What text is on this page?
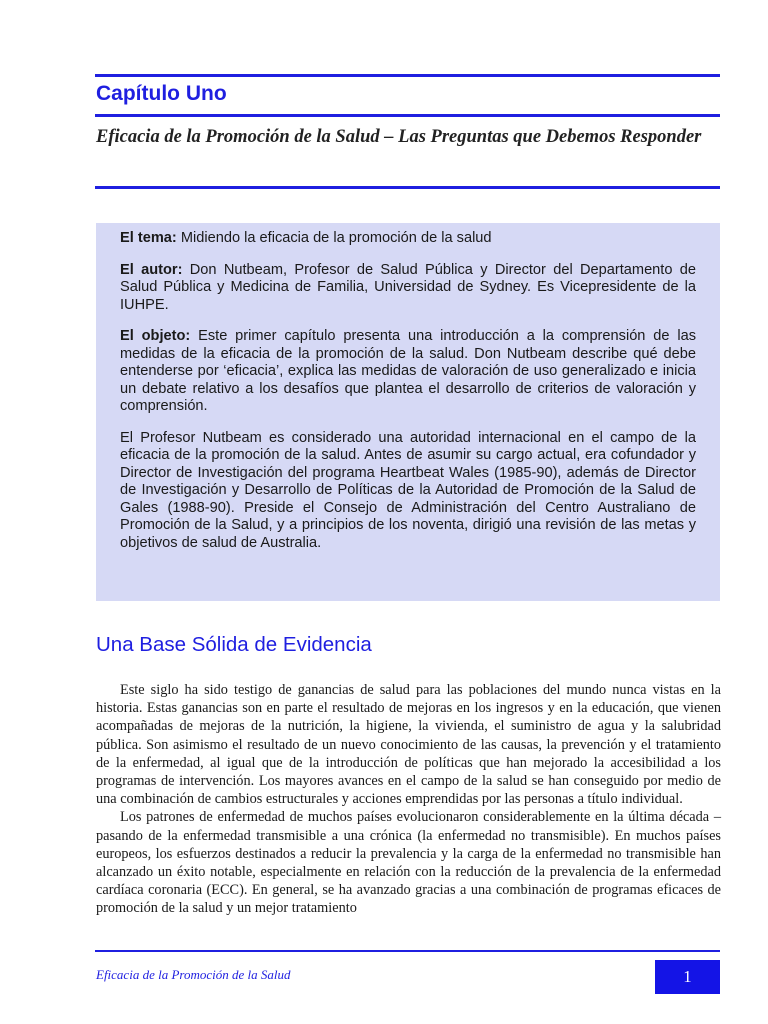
Capítulo Uno
Eficacia de la Promoción de la Salud – Las Preguntas que Debemos Responder

El tema: Midiendo la eficacia de la promoción de la salud

El autor: Don Nutbeam, Profesor de Salud Pública y Director del Departamento de Salud Pública y Medicina de Familia, Universidad de Sydney. Es Vicepresidente de la IUHPE.

El objeto: Este primer capítulo presenta una introducción a la comprensión de las medidas de la eficacia de la promoción de la salud. Don Nutbeam describe qué debe entenderse por ‘eficacia’, explica las medidas de valoración de uso generalizado e inicia un debate relativo a los desafíos que plantea el desarrollo de criterios de valoración y comprensión.

El Profesor Nutbeam es considerado una autoridad internacional en el campo de la eficacia de la promoción de la salud. Antes de asumir su cargo actual, era cofundador y Director de Investigación del programa Heartbeat Wales (1985-90), además de Director de Investigación y Desarrollo de Políticas de la Autoridad de Promoción de la Salud de Gales (1988-90). Preside el Consejo de Administración del Centro Australiano de Promoción de la Salud, y a principios de los noventa, dirigió una revisión de las metas y objetivos de salud de Australia.

Una Base Sólida de Evidencia

Este siglo ha sido testigo de ganancias de salud para las poblaciones del mundo nunca vistas en la historia. Estas ganancias son en parte el resultado de mejoras en los ingresos y en la educación, que vienen acompañadas de mejoras de la nutrición, la higiene, la vivienda, el suministro de agua y la salubridad pública. Son asimismo el resultado de un nuevo conocimiento de las causas, la prevención y el tratamiento de la enfermedad, al igual que de la introducción de políticas que han mejorado la accesibilidad a los programas de intervención. Los mayores avances en el campo de la salud se han conseguido por medio de una combinación de cambios estructurales y acciones emprendidas por las personas a título individual.

Los patrones de enfermedad de muchos países evolucionaron considerablemente en la última década – pasando de la enfermedad transmisible a una crónica (la enfermedad no transmisible). En muchos países europeos, los esfuerzos destinados a reducir la prevalencia y la carga de la enfermedad no transmisible han alcanzado un éxito notable, especialmente en relación con la reducción de la prevalencia de la enfermedad cardíaca coronaria (ECC). En general, se ha avanzado gracias a una combinación de programas eficaces de promoción de la salud y un mejor tratamiento

Eficacia de la Promoción de la Salud	1
